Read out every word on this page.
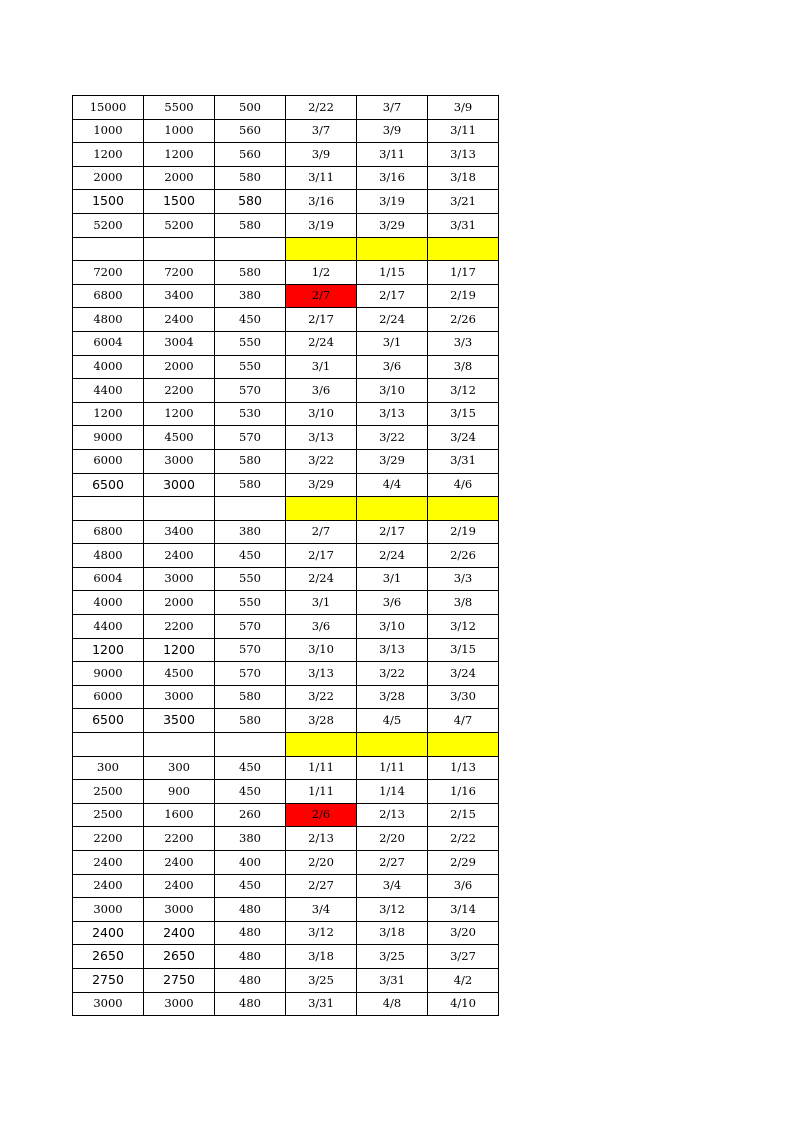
15000	5500	500	2/22	3/7	3/9
1000	1000	560	3/7	3/9	3/11
1200	1200	560	3/9	3/11	3/13
2000	2000	580	3/11	3/16	3/18
1500	1500	580	3/16	3/19	3/21
5200	5200	580	3/19	3/29	3/31

7200	7200	580	1/2	1/15	1/17
6800	3400	380	2/7	2/17	2/19
4800	2400	450	2/17	2/24	2/26
6004	3004	550	2/24	3/1	3/3
4000	2000	550	3/1	3/6	3/8
4400	2200	570	3/6	3/10	3/12
1200	1200	530	3/10	3/13	3/15
9000	4500	570	3/13	3/22	3/24
6000	3000	580	3/22	3/29	3/31
6500	3000	580	3/29	4/4	4/6

6800	3400	380	2/7	2/17	2/19
4800	2400	450	2/17	2/24	2/26
6004	3000	550	2/24	3/1	3/3
4000	2000	550	3/1	3/6	3/8
4400	2200	570	3/6	3/10	3/12
1200	1200	570	3/10	3/13	3/15
9000	4500	570	3/13	3/22	3/24
6000	3000	580	3/22	3/28	3/30
6500	3500	580	3/28	4/5	4/7

300	300	450	1/11	1/11	1/13
2500	900	450	1/11	1/14	1/16
2500	1600	260	2/6	2/13	2/15
2200	2200	380	2/13	2/20	2/22
2400	2400	400	2/20	2/27	2/29
2400	2400	450	2/27	3/4	3/6
3000	3000	480	3/4	3/12	3/14
2400	2400	480	3/12	3/18	3/20
2650	2650	480	3/18	3/25	3/27
2750	2750	480	3/25	3/31	4/2
3000	3000	480	3/31	4/8	4/10
